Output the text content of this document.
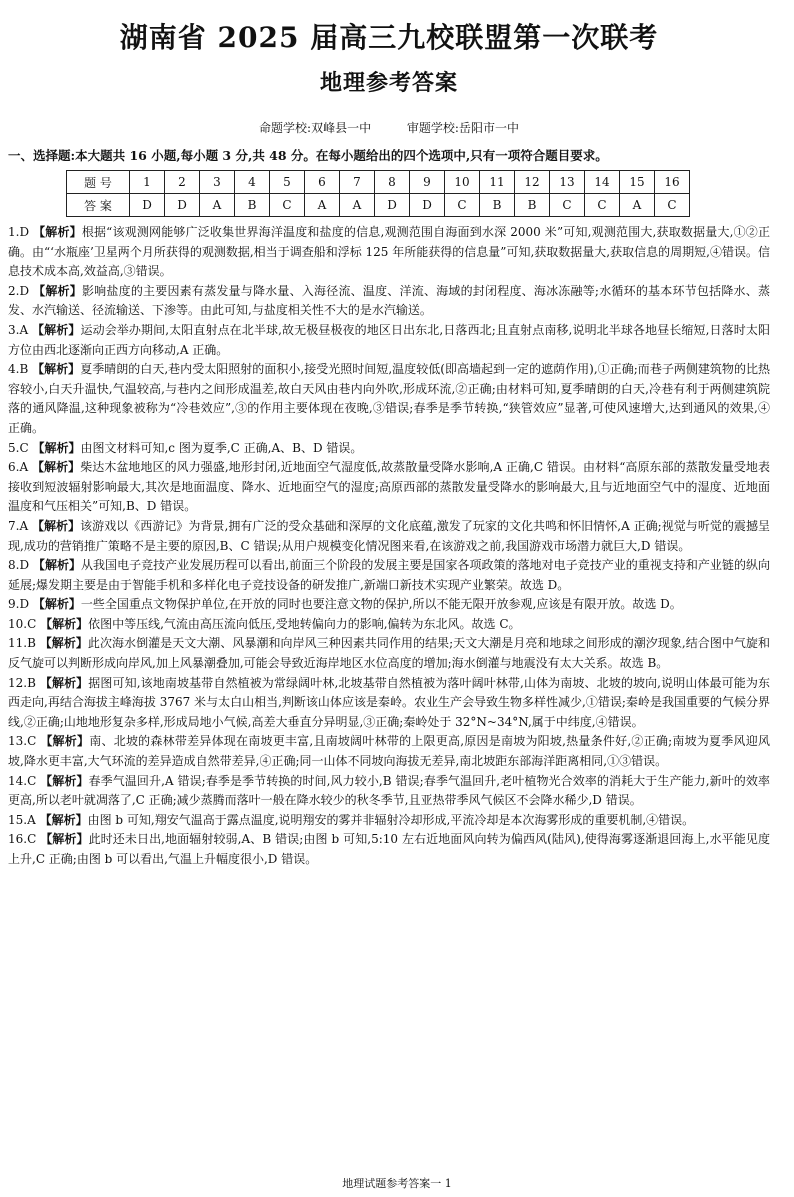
湖南省 2025 届高三九校联盟第一次联考
地理参考答案
命题学校:双峰县一中	审题学校:岳阳市一中
一、选择题:本大题共 16 小题,每小题 3 分,共 48 分。在每小题给出的四个选项中,只有一项符合题目要求。
题 号	1	2	3	4	5	6	7	8	9	10	11	12	13	14	15	16
答 案	D	D	A	B	C	A	A	D	D	C	B	B	C	C	A	C
1.D 【解析】根据“该观测网能够广泛收集世界海洋温度和盐度的信息,观测范围自海面到水深 2000 米”可知,观测范围大,获取数据量大,①②正确。由“‘水瓶座’卫星两个月所获得的观测数据,相当于调查船和浮标 125 年所能获得的信息量”可知,获取数据量大,获取信息的周期短,④错误。信息技术成本高,效益高,③错误。
2.D 【解析】影响盐度的主要因素有蒸发量与降水量、入海径流、温度、洋流、海域的封闭程度、海冰冻融等;水循环的基本环节包括降水、蒸发、水汽输送、径流输送、下渗等。由此可知,与盐度相关性不大的是水汽输送。
3.A 【解析】运动会举办期间,太阳直射点在北半球,故无极昼极夜的地区日出东北,日落西北;且直射点南移,说明北半球各地昼长缩短,日落时太阳方位由西北逐渐向正西方向移动,A 正确。
4.B 【解析】夏季晴朗的白天,巷内受太阳照射的面积小,接受光照时间短,温度较低(即高墙起到一定的遮荫作用),①正确;而巷子两侧建筑物的比热容较小,白天升温快,气温较高,与巷内之间形成温差,故白天风由巷内向外吹,形成环流,②正确;由材料可知,夏季晴朗的白天,冷巷有利于两侧建筑院落的通风降温,这种现象被称为“冷巷效应”,③的作用主要体现在夜晚,③错误;春季是季节转换,“狭管效应”显著,可使风速增大,达到通风的效果,④正确。
5.C 【解析】由图文材料可知,c 图为夏季,C 正确,A、B、D 错误。
6.A 【解析】柴达木盆地地区的风力强盛,地形封闭,近地面空气湿度低,故蒸散量受降水影响,A 正确,C 错误。由材料“高原东部的蒸散发量受地表接收到短波辐射影响最大,其次是地面温度、降水、近地面空气的湿度;高原西部的蒸散发量受降水的影响最大,且与近地面空气中的湿度、近地面温度和气压相关”可知,B、D 错误。
7.A 【解析】该游戏以《西游记》为背景,拥有广泛的受众基础和深厚的文化底蕴,激发了玩家的文化共鸣和怀旧情怀,A 正确;视觉与听觉的震撼呈现,成功的营销推广策略不是主要的原因,B、C 错误;从用户规模变化情况图来看,在该游戏之前,我国游戏市场潜力就巨大,D 错误。
8.D 【解析】从我国电子竞技产业发展历程可以看出,前面三个阶段的发展主要是国家各项政策的落地对电子竞技产业的重视支持和产业链的纵向延展;爆发期主要是由于智能手机和多样化电子竞技设备的研发推广,新端口新技术实现产业繁荣。故选 D。
9.D 【解析】一些全国重点文物保护单位,在开放的同时也要注意文物的保护,所以不能无限开放参观,应该是有限开放。故选 D。
10.C 【解析】依图中等压线,气流由高压流向低压,受地转偏向力的影响,偏转为东北风。故选 C。
11.B 【解析】此次海水倒灌是天文大潮、风暴潮和向岸风三种因素共同作用的结果;天文大潮是月亮和地球之间形成的潮汐现象,结合图中气旋和反气旋可以判断形成向岸风,加上风暴潮叠加,可能会导致近海岸地区水位高度的增加;海水倒灌与地震没有太大关系。故选 B。
12.B 【解析】据图可知,该地南坡基带自然植被为常绿阔叶林,北坡基带自然植被为落叶阔叶林带,山体为南坡、北坡的坡向,说明山体最可能为东西走向,再结合海拔主峰海拔 3767 米与太白山相当,判断该山体应该是秦岭。农业生产会导致生物多样性减少,①错误;秦岭是我国重要的气候分界线,②正确;山地地形复杂多样,形成局地小气候,高差大垂直分异明显,③正确;秦岭处于 32°N~34°N,属于中纬度,④错误。
13.C 【解析】南、北坡的森林带差异体现在南坡更丰富,且南坡阔叶林带的上限更高,原因是南坡为阳坡,热量条件好,②正确;南坡为夏季风迎风坡,降水更丰富,大气环流的差异造成自然带差异,④正确;同一山体不同坡向海拔无差异,南北坡距东部海洋距离相同,①③错误。
14.C 【解析】春季气温回升,A 错误;春季是季节转换的时间,风力较小,B 错误;春季气温回升,老叶植物光合效率的消耗大于生产能力,新叶的效率更高,所以老叶就凋落了,C 正确;减少蒸腾而落叶一般在降水较少的秋冬季节,且亚热带季风气候区不会降水稀少,D 错误。
15.A 【解析】由图 b 可知,翔安气温高于露点温度,说明翔安的雾并非辐射冷却形成,平流冷却是本次海雾形成的重要机制,④错误。
16.C 【解析】此时还未日出,地面辐射较弱,A、B 错误;由图 b 可知,5:10 左右近地面风向转为偏西风(陆风),使得海雾逐渐退回海上,水平能见度上升,C 正确;由图 b 可以看出,气温上升幅度很小,D 错误。
地理试题参考答案一 1
